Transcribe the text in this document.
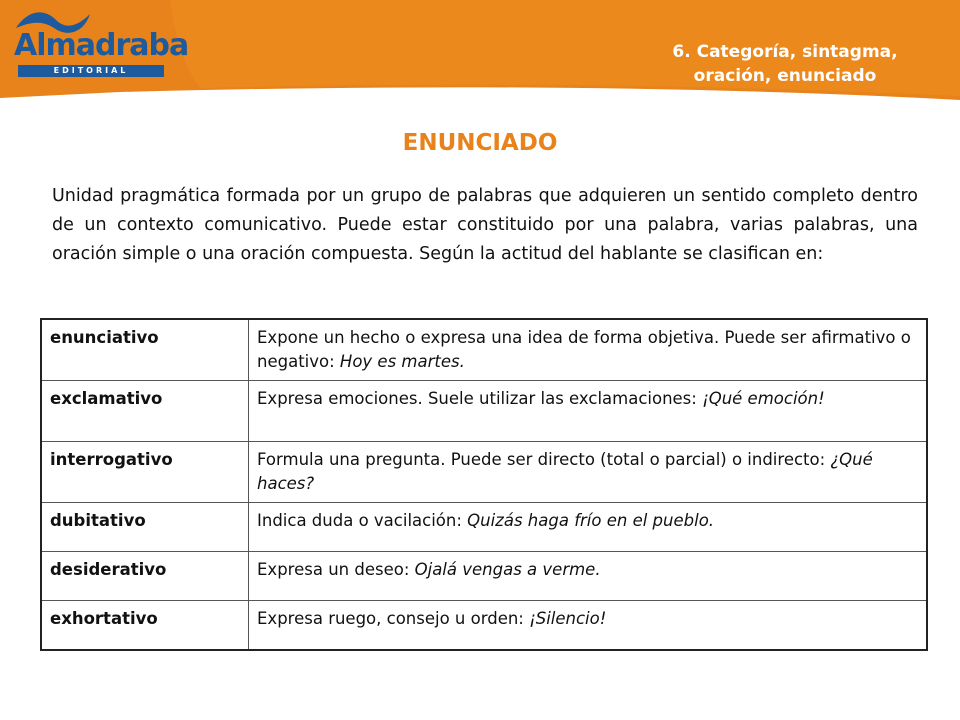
Almadraba
EDITORIAL
6. Categoría, sintagma,
oración, enunciado
ENUNCIADO

Unidad pragmática formada por un grupo de palabras que adquieren un sentido completo dentro de un contexto comunicativo. Puede estar constituido por una palabra, varias palabras, una oración simple o una oración compuesta. Según la actitud del hablante se clasifican en:

enunciativo	Expone un hecho o expresa una idea de forma objetiva. Puede ser afirmativo o negativo: Hoy es martes.
exclamativo	Expresa emociones. Suele utilizar las exclamaciones: ¡Qué emoción!
interrogativo	Formula una pregunta. Puede ser directo (total o parcial) o indirecto: ¿Qué haces?
dubitativo	Indica duda o vacilación: Quizás haga frío en el pueblo.
desiderativo	Expresa un deseo: Ojalá vengas a verme.
exhortativo	Expresa ruego, consejo u orden: ¡Silencio!
